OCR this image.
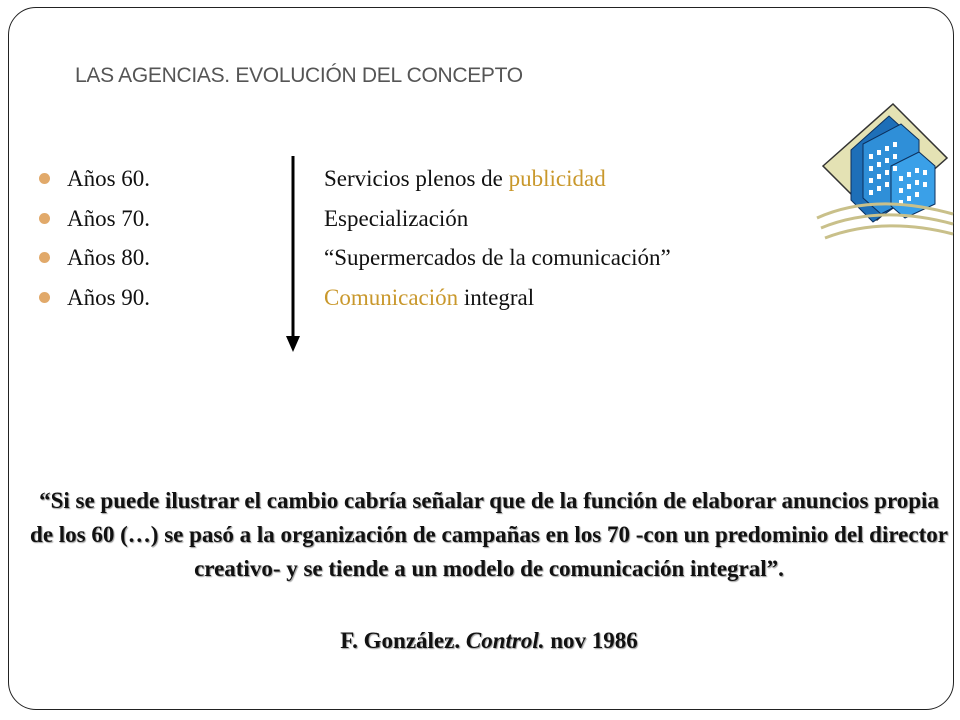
LAS AGENCIAS. EVOLUCIÓN DEL CONCEPTO
Años 60.	Servicios plenos de publicidad
Años 70.	Especialización
Años 80.	“Supermercados de la comunicación”
Años 90.	Comunicación integral
“Si se puede ilustrar el cambio cabría señalar que de la función de elaborar anuncios propia de los 60 (…) se pasó a la organización de campañas en los 70 -con un predominio del director creativo- y se tiende a un modelo de comunicación integral”.
F. González. Control. nov 1986
